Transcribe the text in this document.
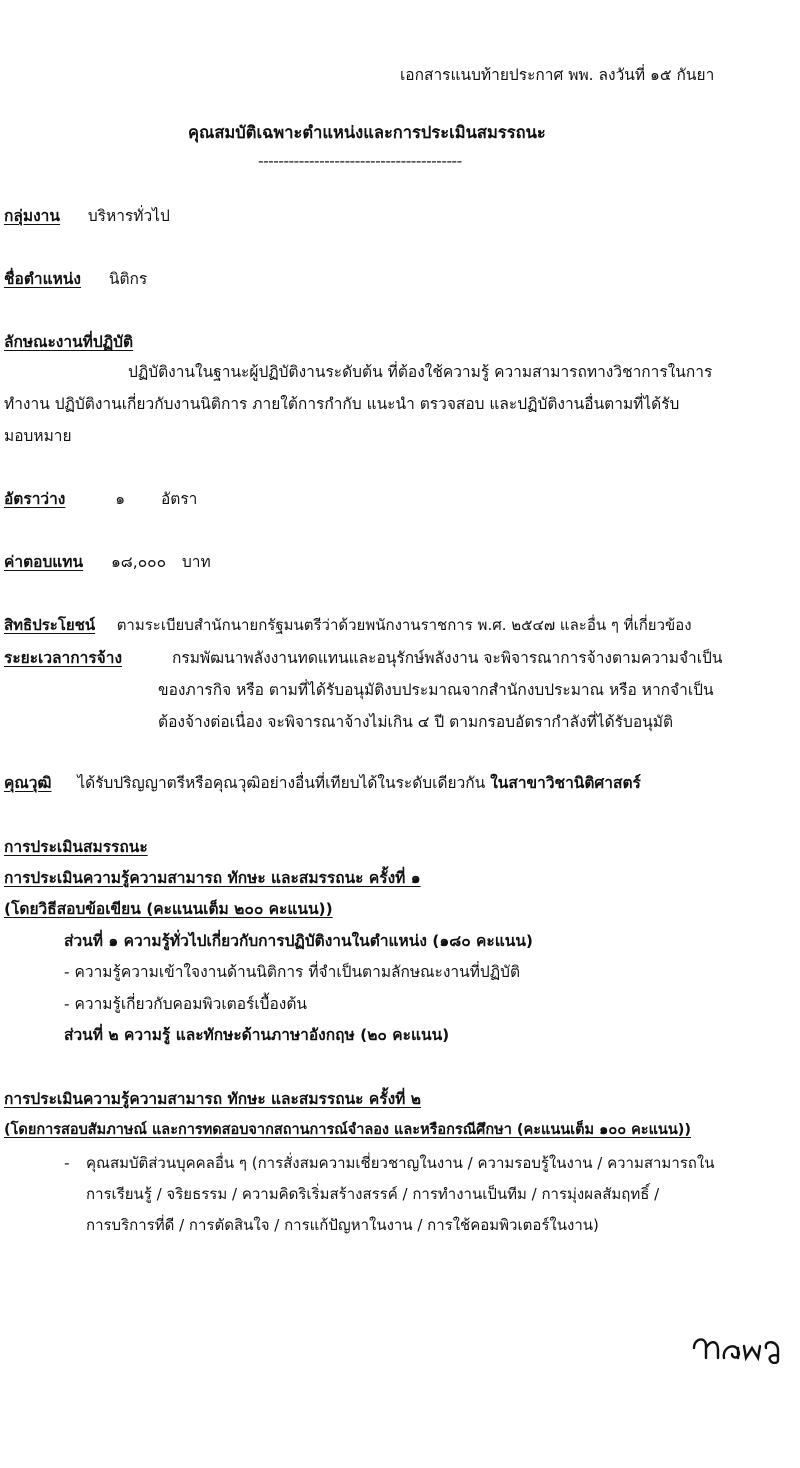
เอกสารแนบท้ายประกาศ พพ. ลงวันที่ ๑๕ กันยา
คุณสมบัติเฉพาะตำแหน่งและการประเมินสมรรถนะ
----------------------------------------
กลุ่มงาน บริหารทั่วไป
ชื่อตำแหน่ง นิติกร
ลักษณะงานที่ปฏิบัติ
ปฏิบัติงานในฐานะผู้ปฏิบัติงานระดับต้น ที่ต้องใช้ความรู้ ความสามารถทางวิชาการในการ
ทำงาน ปฏิบัติงานเกี่ยวกับงานนิติการ ภายใต้การกำกับ แนะนำ ตรวจสอบ และปฏิบัติงานอื่นตามที่ได้รับ
มอบหมาย
อัตราว่าง	๑ อัตรา
ค่าตอบแทน ๑๘,๐๐๐ บาท
สิทธิประโยชน์ ตามระเบียบสำนักนายกรัฐมนตรีว่าด้วยพนักงานราชการ พ.ศ. ๒๕๔๗ และอื่น ๆ ที่เกี่ยวข้อง
ระยะเวลาการจ้าง	กรมพัฒนาพลังงานทดแทนและอนุรักษ์พลังงาน จะพิจารณาการจ้างตามความจำเป็น
ของภารกิจ หรือ ตามที่ได้รับอนุมัติงบประมาณจากสำนักงบประมาณ หรือ หากจำเป็น
ต้องจ้างต่อเนื่อง จะพิจารณาจ้างไม่เกิน ๔ ปี ตามกรอบอัตรากำลังที่ได้รับอนุมัติ
คุณวุฒิ ได้รับปริญญาตรีหรือคุณวุฒิอย่างอื่นที่เทียบได้ในระดับเดียวกัน ในสาขาวิชานิติศาสตร์
การประเมินสมรรถนะ
การประเมินความรู้ความสามารถ ทักษะ และสมรรถนะ ครั้งที่ ๑
(โดยวิธีสอบข้อเขียน (คะแนนเต็ม ๒๐๐ คะแนน))
ส่วนที่ ๑ ความรู้ทั่วไปเกี่ยวกับการปฏิบัติงานในตำแหน่ง (๑๘๐ คะแนน)
- ความรู้ความเข้าใจงานด้านนิติการ ที่จำเป็นตามลักษณะงานที่ปฏิบัติ
- ความรู้เกี่ยวกับคอมพิวเตอร์เบื้องต้น
ส่วนที่ ๒ ความรู้ และทักษะด้านภาษาอังกฤษ (๒๐ คะแนน)
การประเมินความรู้ความสามารถ ทักษะ และสมรรถนะ ครั้งที่ ๒
(โดยการสอบสัมภาษณ์ และการทดสอบจากสถานการณ์จำลอง และหรือกรณีศึกษา (คะแนนเต็ม ๑๐๐ คะแนน))
- คุณสมบัติส่วนบุคคลอื่น ๆ (การสั่งสมความเชี่ยวชาญในงาน / ความรอบรู้ในงาน / ความสามารถใน
การเรียนรู้ / จริยธรรม / ความคิดริเริ่มสร้างสรรค์ / การทำงานเป็นทีม / การมุ่งผลสัมฤทธิ์ /
การบริการที่ดี / การตัดสินใจ / การแก้ปัญหาในงาน / การใช้คอมพิวเตอร์ในงาน)
